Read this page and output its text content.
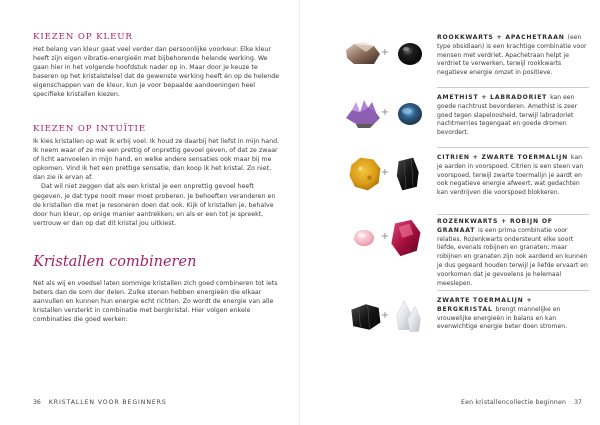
KIEZEN OP KLEUR

Het belang van kleur gaat veel verder dan persoonlijke voorkeur. Elke kleur heeft zijn eigen vibratie-energieën met bijbehorende helende werking. We gaan hier in het volgende hoofdstuk nader op in. Maar door je keuze te baseren op het kristalstelsel dat de gewenste werking heeft én op de helende eigenschappen van de kleur, kun je voor bepaalde aandoeningen heel specifieke kristallen kiezen.

KIEZEN OP INTUÏTIE

Ik kies kristallen op wat ik erbij voel. Ik houd ze daarbij het liefst in mijn hand. Ik neem waar of ze me een prettig of onprettig gevoel geven, of dat ze zwaar of licht aanvoelen in mijn hand, en welke andere sensaties ook maar bij me opkomen. Vind ik het een prettige sensatie, dan koop ik het kristal. Zo niet, dan zie ik ervan af.

Dat wil niet zeggen dat als een kristal je een onprettig gevoel heeft gegeven, je dat type nooit meer moet proberen. Je behoeften veranderen en de kristallen die met je resoneren doen dat ook. Kijk of kristallen je, behalve door hun kleur, op enige manier aantrekken; en als er een tot je spreekt, vertrouw er dan op dat dit kristal jou uitkiest.

Kristallen combineren

Net als wij en voedsel laten sommige kristallen zich goed combineren tot iets beters dan de som der delen. Zulke stenen hebben energieën die elkaar aanvullen en kunnen hun energie echt richten. Zo wordt de energie van alle kristallen versterkt in combinatie met bergkristal. Hier volgen enkele combinaties die goed werken:

36 KRISTALLEN VOOR BEGINNERS
+
ROOKKWARTS + APACHETRAAN (een type obsidiaan) is een krachtige combinatie voor mensen met verdriet. Apachetraan helpt je verdriet te verwerken, terwijl rookkwarts negatieve energie omzet in positieve.
+
AMETHIST + LABRADORIET kan een goede nachtrust bevorderen. Amethist is zeer goed tegen slapeloosheid, terwijl labradoriet nachtmerries tegengaat en goede dromen bevordert.
+
CITRIEN + ZWARTE TOERMALIJN kan je aarden in voorspoed. Citrien is een steen van voorspoed, terwijl zwarte toermalijn je aardt en ook negatieve energie afweert, wat gedachten kan verdrijven die voorspoed blokkeren.
+
ROZENKWARTS + ROBIJN OF GRANAAT is een prima combinatie voor relaties. Rozenkwarts ondersteunt elke soort liefde, evenals robijnen en granaten; maar robijnen en granaten zijn ook aardend en kunnen je dus gegeard houden terwijl je liefde ervaart en voorkomen dat je gevoelens je helemaal meeslepen.
+
ZWARTE TOERMALIJN + BERGKRISTAL brengt mannelijke en vrouwelijke energieën in balans en kan evenwichtige energie beter doen stromen.
Een kristallencollectie beginnen 37
